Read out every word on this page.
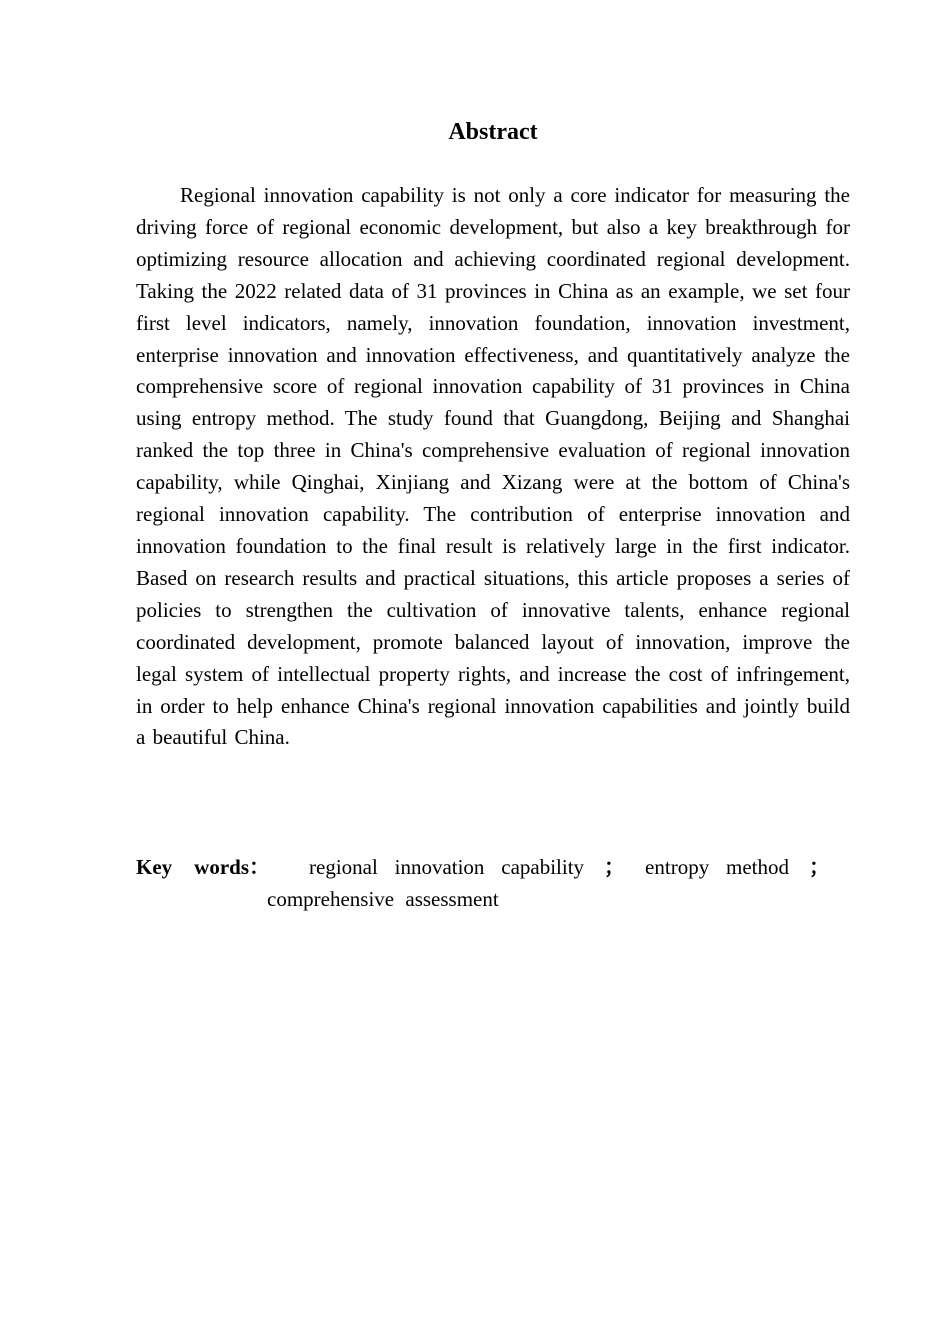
Abstract

Regional innovation capability is not only a core indicator for measuring the driving force of regional economic development, but also a key breakthrough for optimizing resource allocation and achieving coordinated regional development. Taking the 2022 related data of 31 provinces in China as an example, we set four first level indicators, namely, innovation foundation, innovation investment, enterprise innovation and innovation effectiveness, and quantitatively analyze the comprehensive score of regional innovation capability of 31 provinces in China using entropy method. The study found that Guangdong, Beijing and Shanghai ranked the top three in China's comprehensive evaluation of regional innovation capability, while Qinghai, Xinjiang and Xizang were at the bottom of China's regional innovation capability. The contribution of enterprise innovation and innovation foundation to the final result is relatively large in the first indicator. Based on research results and practical situations, this article proposes a series of policies to strengthen the cultivation of innovative talents, enhance regional coordinated development, promote balanced layout of innovation, improve the legal system of intellectual property rights, and increase the cost of infringement, in order to help enhance China's regional innovation capabilities and jointly build a beautiful China.

Key words：	regional innovation capability ； entropy method ；comprehensive assessment
